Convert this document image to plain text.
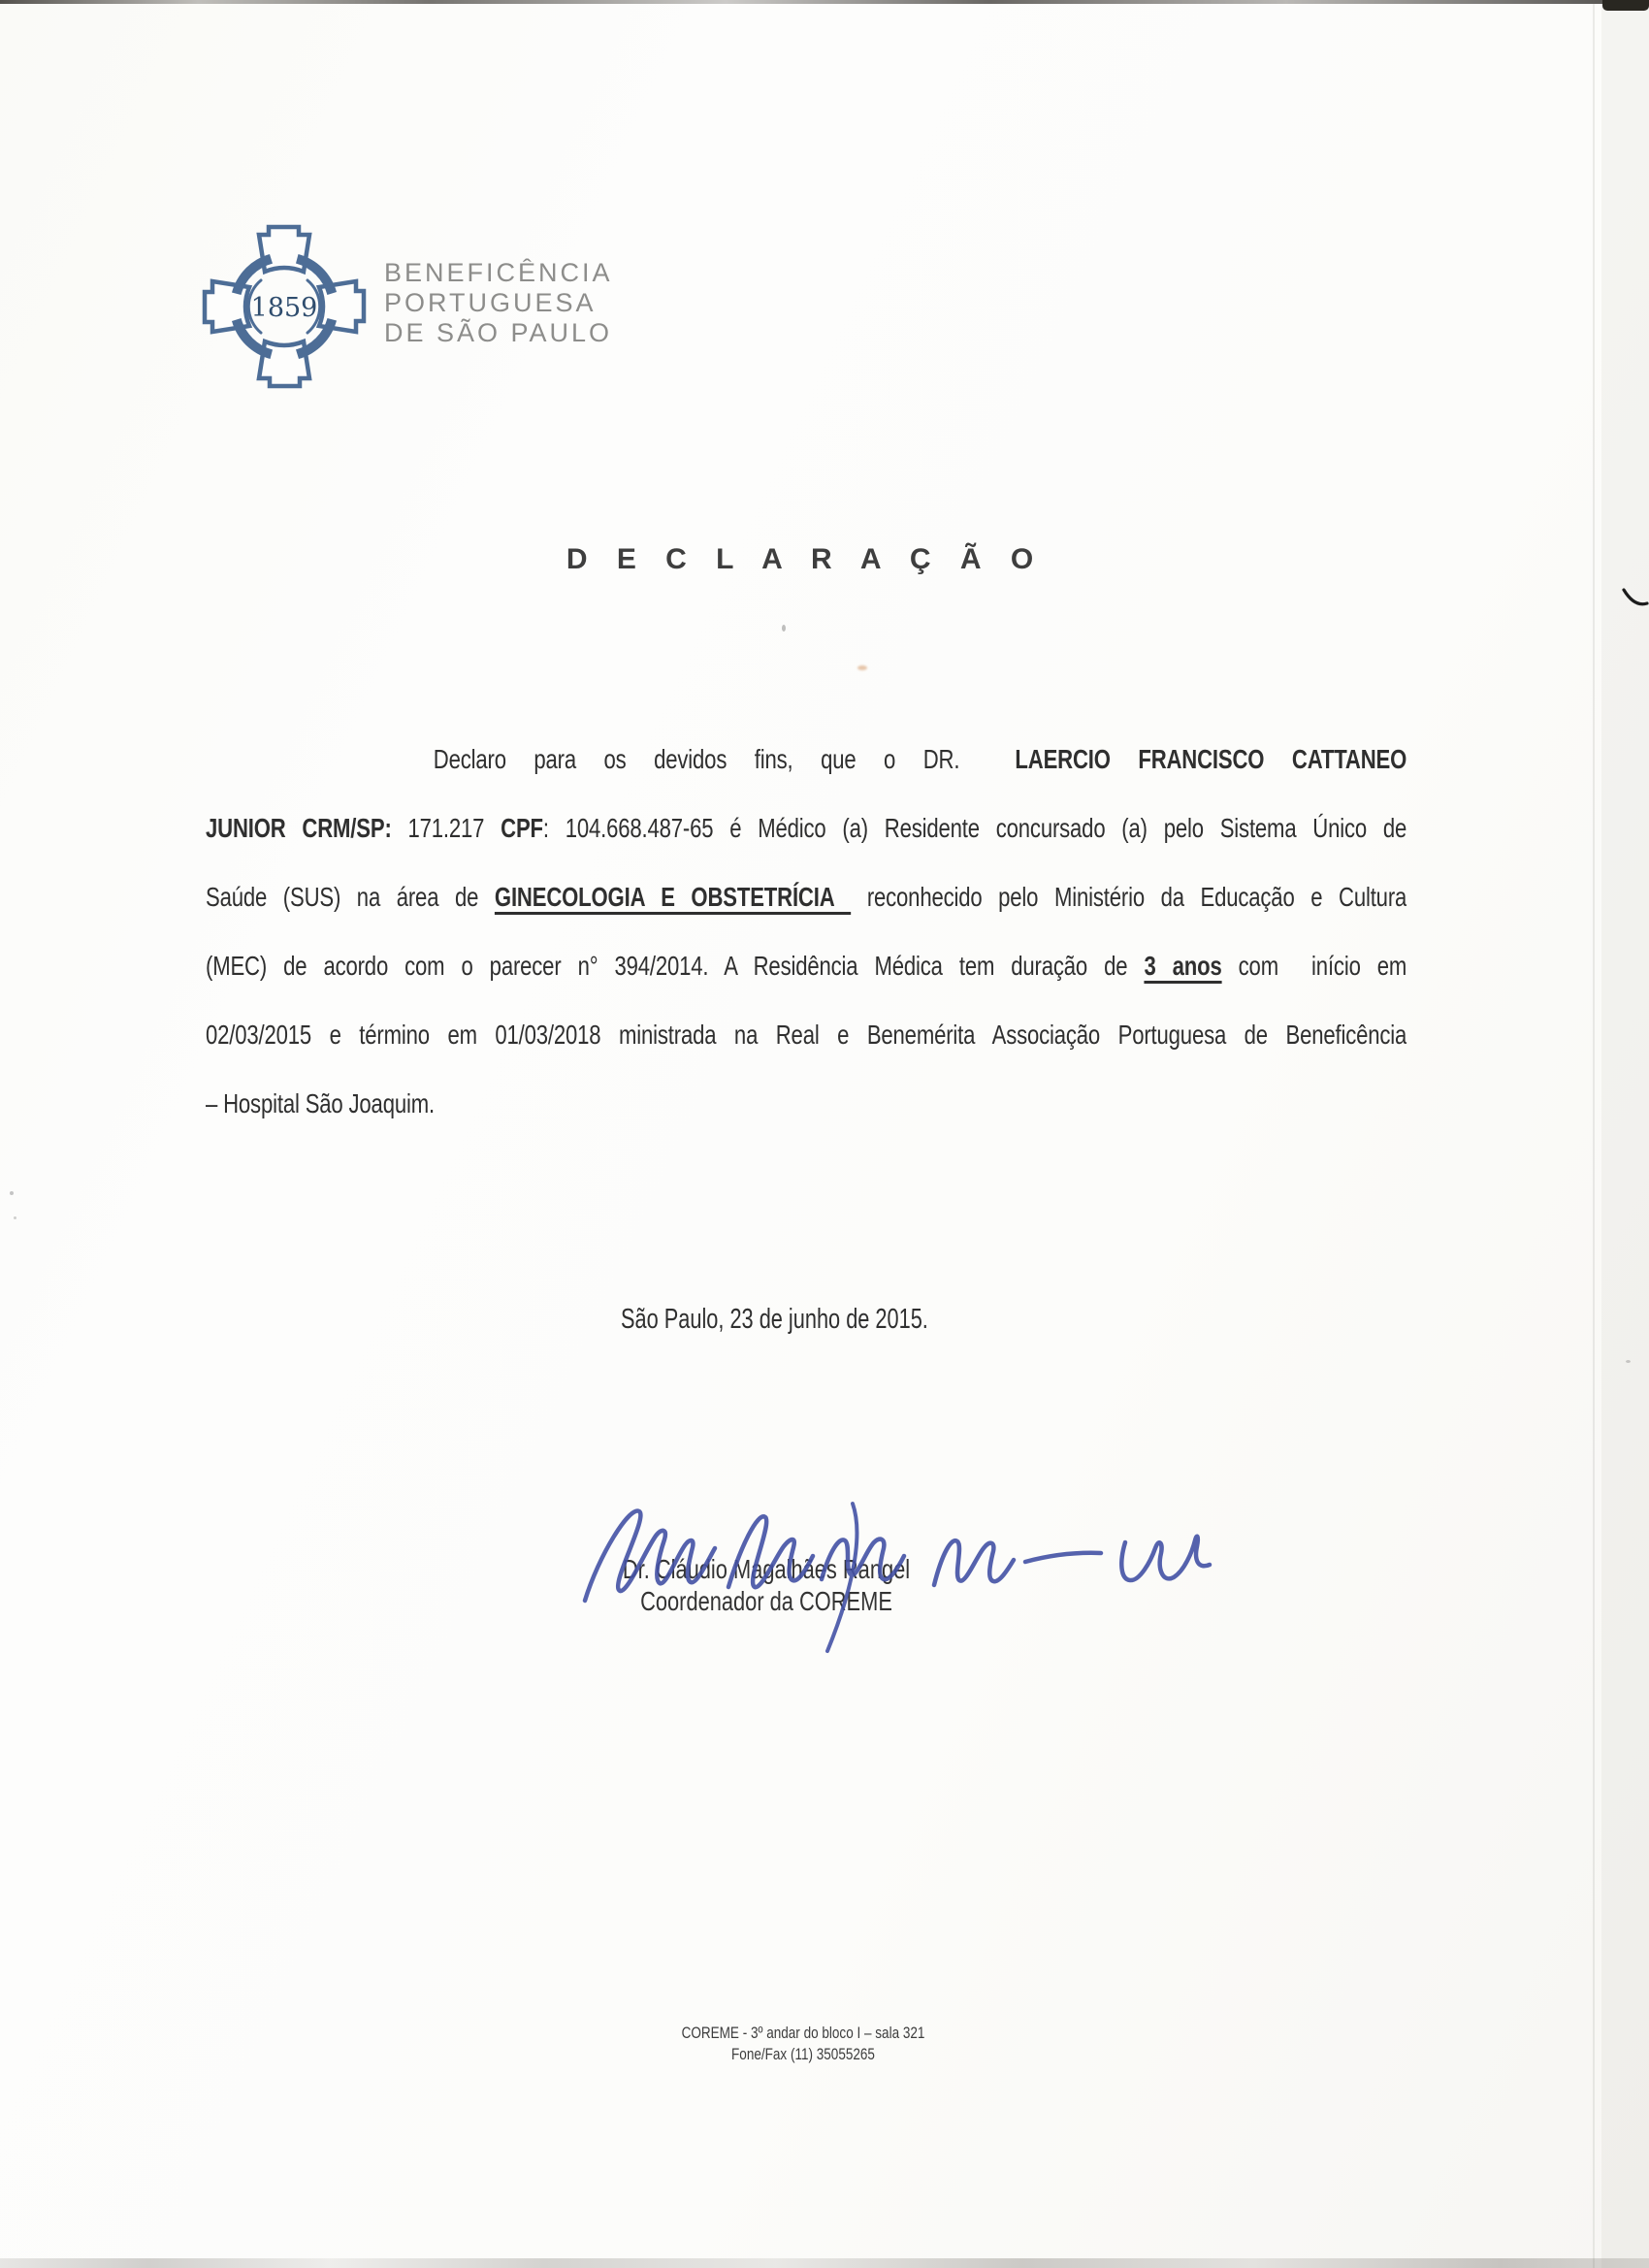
1859
BENEFICÊNCIA
PORTUGUESA
DE SÃO PAULO
D E C L A R A Ç Ã O
Declaro para os devidos fins, que o DR.  LAERCIO FRANCISCO CATTANEO
JUNIOR CRM/SP: 171.217 CPF: 104.668.487-65 é Médico (a) Residente concursado (a) pelo Sistema Único de
Saúde (SUS) na área de GINECOLOGIA E OBSTETRÍCIA  reconhecido pelo Ministério da Educação e Cultura
(MEC) de acordo com o parecer n° 394/2014. A Residência Médica tem duração de 3 anos com  início em
02/03/2015 e término em 01/03/2018 ministrada na Real e Benemérita Associação Portuguesa de Beneficência
– Hospital São Joaquim.
São Paulo, 23 de junho de 2015.
Dr. Cláudio Magalhães Rangel
Coordenador da COREME
COREME - 3º andar do bloco I – sala 321
Fone/Fax (11) 35055265
